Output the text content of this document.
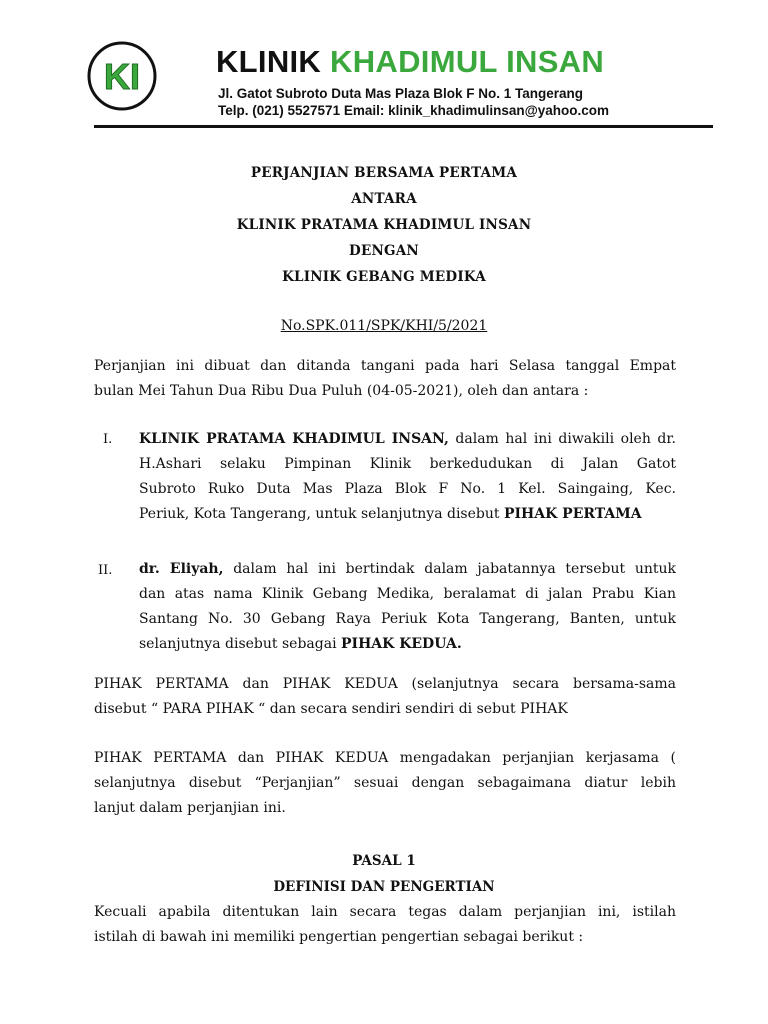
KI KLINIK KHADIMUL INSAN
Jl. Gatot Subroto Duta Mas Plaza Blok F No. 1 Tangerang
Telp. (021) 5527571 Email: klinik_khadimulinsan@yahoo.com
PERJANJIAN BERSAMA PERTAMA
ANTARA
KLINIK PRATAMA KHADIMUL INSAN
DENGAN
KLINIK GEBANG MEDIKA
No.SPK.011/SPK/KHI/5/2021
Perjanjian ini dibuat dan ditanda tangani pada hari Selasa tanggal Empat
bulan Mei Tahun Dua Ribu Dua Puluh (04-05-2021), oleh dan antara :
I. KLINIK PRATAMA KHADIMUL INSAN, dalam hal ini diwakili oleh dr.
H.Ashari selaku Pimpinan Klinik berkedudukan di Jalan Gatot
Subroto Ruko Duta Mas Plaza Blok F No. 1 Kel. Saingaing, Kec.
Periuk, Kota Tangerang, untuk selanjutnya disebut PIHAK PERTAMA
II. dr. Eliyah, dalam hal ini bertindak dalam jabatannya tersebut untuk
dan atas nama Klinik Gebang Medika, beralamat di jalan Prabu Kian
Santang No. 30 Gebang Raya Periuk Kota Tangerang, Banten, untuk
selanjutnya disebut sebagai PIHAK KEDUA.
PIHAK PERTAMA dan PIHAK KEDUA (selanjutnya secara bersama-sama
disebut “ PARA PIHAK “ dan secara sendiri sendiri di sebut PIHAK
PIHAK PERTAMA dan PIHAK KEDUA mengadakan perjanjian kerjasama (
selanjutnya disebut “Perjanjian” sesuai dengan sebagaimana diatur lebih
lanjut dalam perjanjian ini.
PASAL 1
DEFINISI DAN PENGERTIAN
Kecuali apabila ditentukan lain secara tegas dalam perjanjian ini, istilah
istilah di bawah ini memiliki pengertian pengertian sebagai berikut :
